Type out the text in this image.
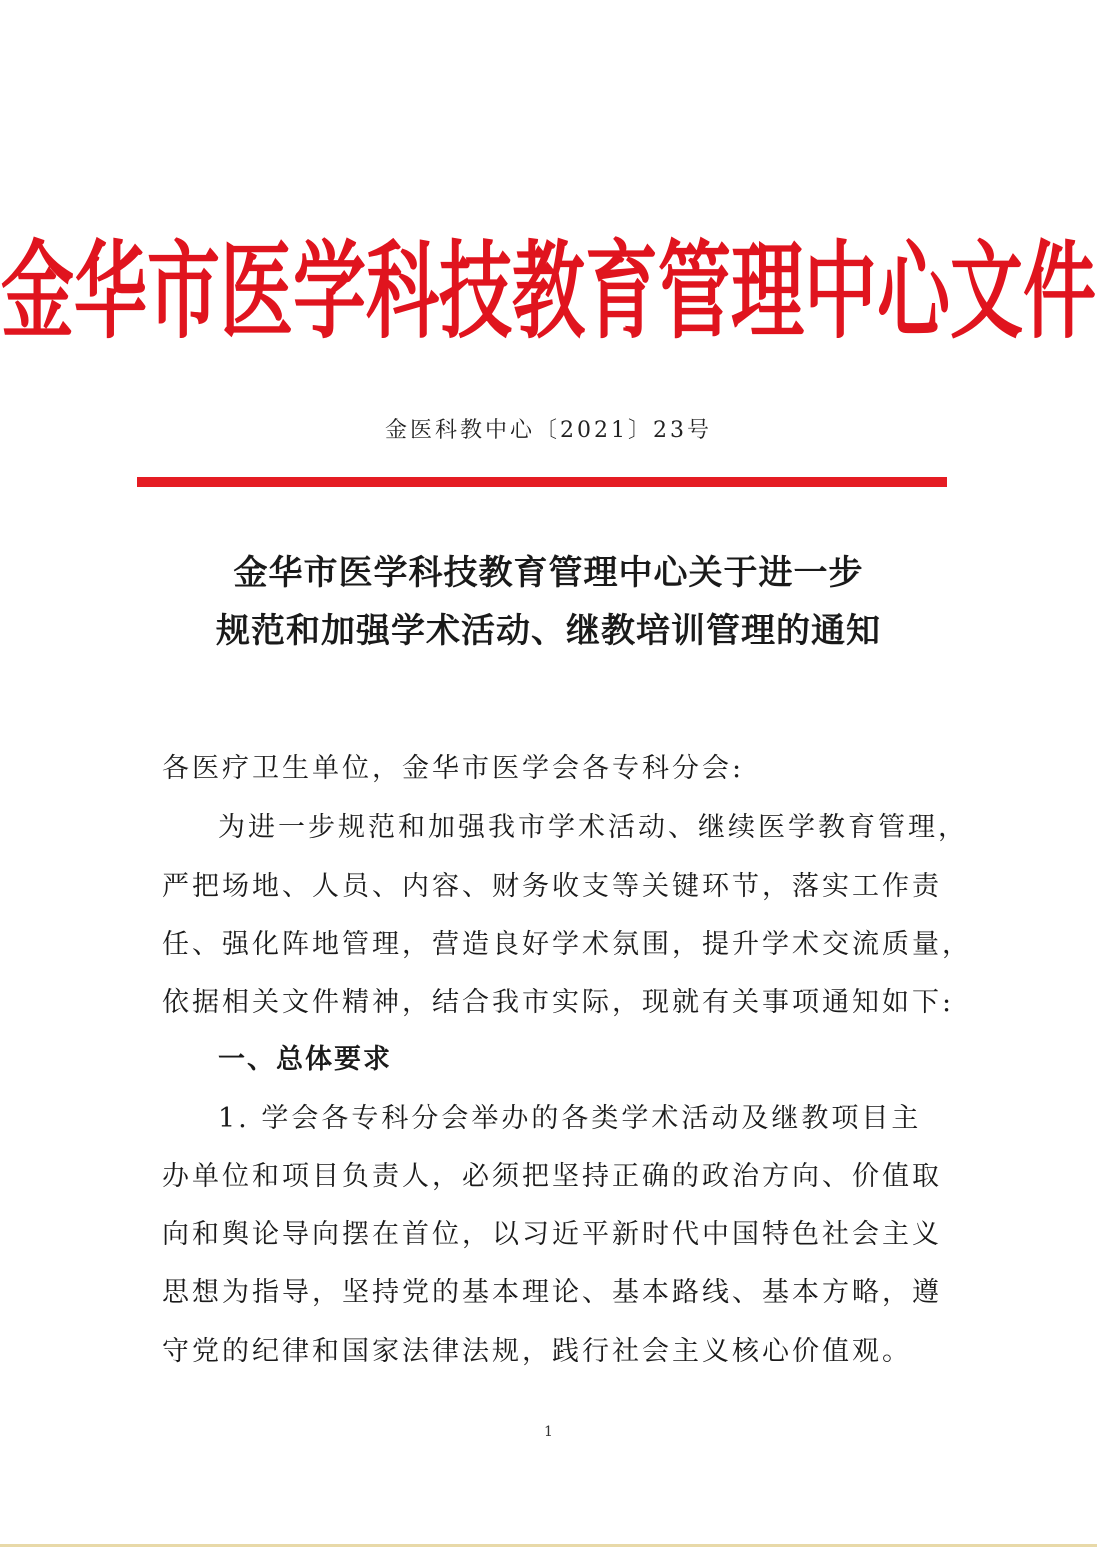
金华市医学科技教育管理中心文件
金医科教中心〔2021〕23号
金华市医学科技教育管理中心关于进一步
规范和加强学术活动、继教培训管理的通知
各医疗卫生单位，金华市医学会各专科分会:
为进一步规范和加强我市学术活动、继续医学教育管理，
严把场地、人员、内容、财务收支等关键环节，落实工作责
任、强化阵地管理，营造良好学术氛围，提升学术交流质量，
依据相关文件精神，结合我市实际，现就有关事项通知如下:
一、总体要求
1. 学会各专科分会举办的各类学术活动及继教项目主
办单位和项目负责人，必须把坚持正确的政治方向、价值取
向和舆论导向摆在首位，以习近平新时代中国特色社会主义
思想为指导，坚持党的基本理论、基本路线、基本方略，遵
守党的纪律和国家法律法规，践行社会主义核心价值观。
1
